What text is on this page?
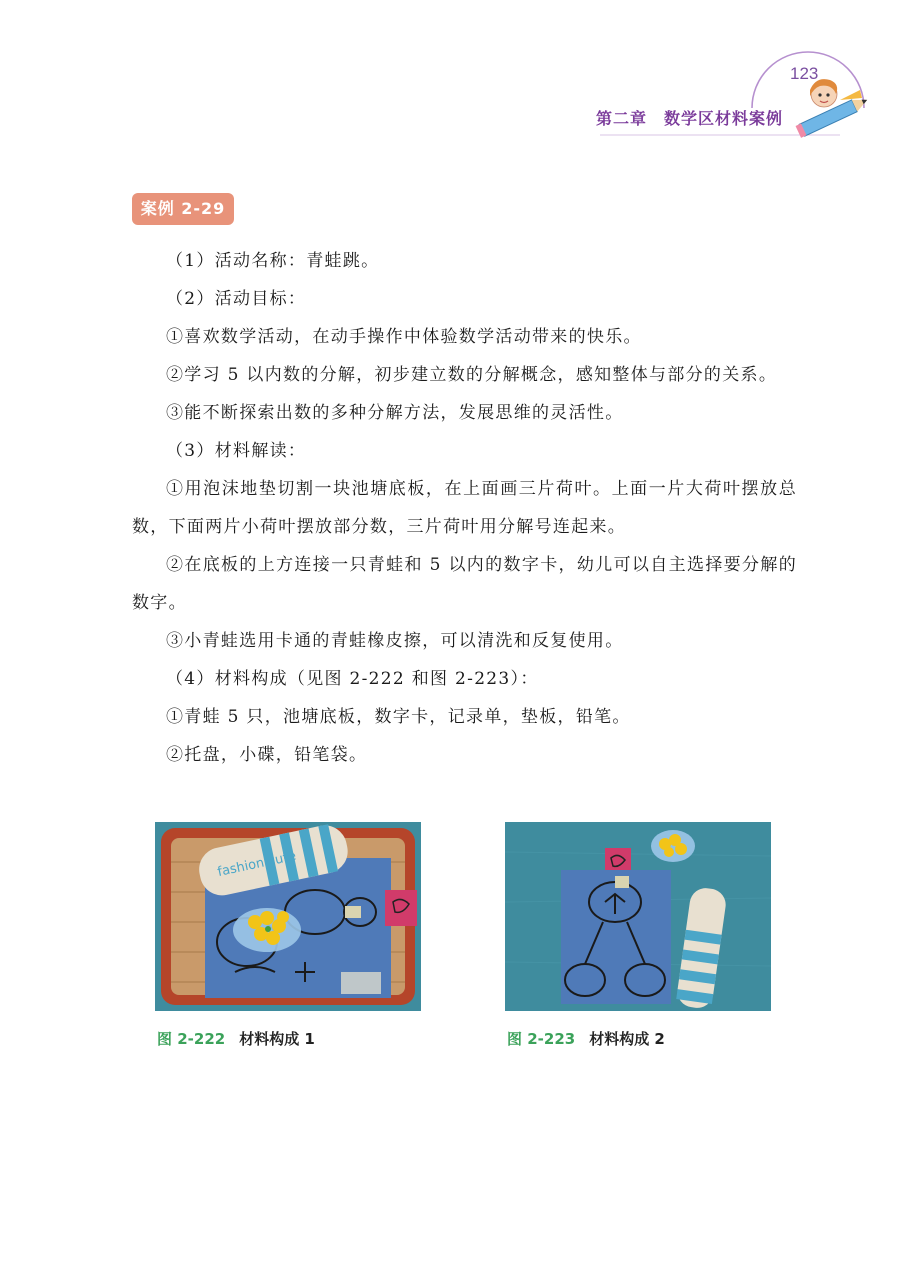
123
第二章　数学区材料案例
案例 2-29

（1）活动名称：青蛙跳。

（2）活动目标：

①喜欢数学活动，在动手操作中体验数学活动带来的快乐。

②学习 5 以内数的分解，初步建立数的分解概念，感知整体与部分的关系。

③能不断探索出数的多种分解方法，发展思维的灵活性。

（3）材料解读：

①用泡沫地垫切割一块池塘底板，在上面画三片荷叶。上面一片大荷叶摆放总数，下面两片小荷叶摆放部分数，三片荷叶用分解号连起来。

②在底板的上方连接一只青蛙和 5 以内的数字卡，幼儿可以自主选择要分解的数字。

③小青蛙选用卡通的青蛙橡皮擦，可以清洗和反复使用。

（4）材料构成（见图 2-222 和图 2-223）：

①青蛙 5 只，池塘底板，数字卡，记录单，垫板，铅笔。

②托盘，小碟，铅笔袋。

fashion cute
图 2-222 材料构成 1	图 2-223 材料构成 2
